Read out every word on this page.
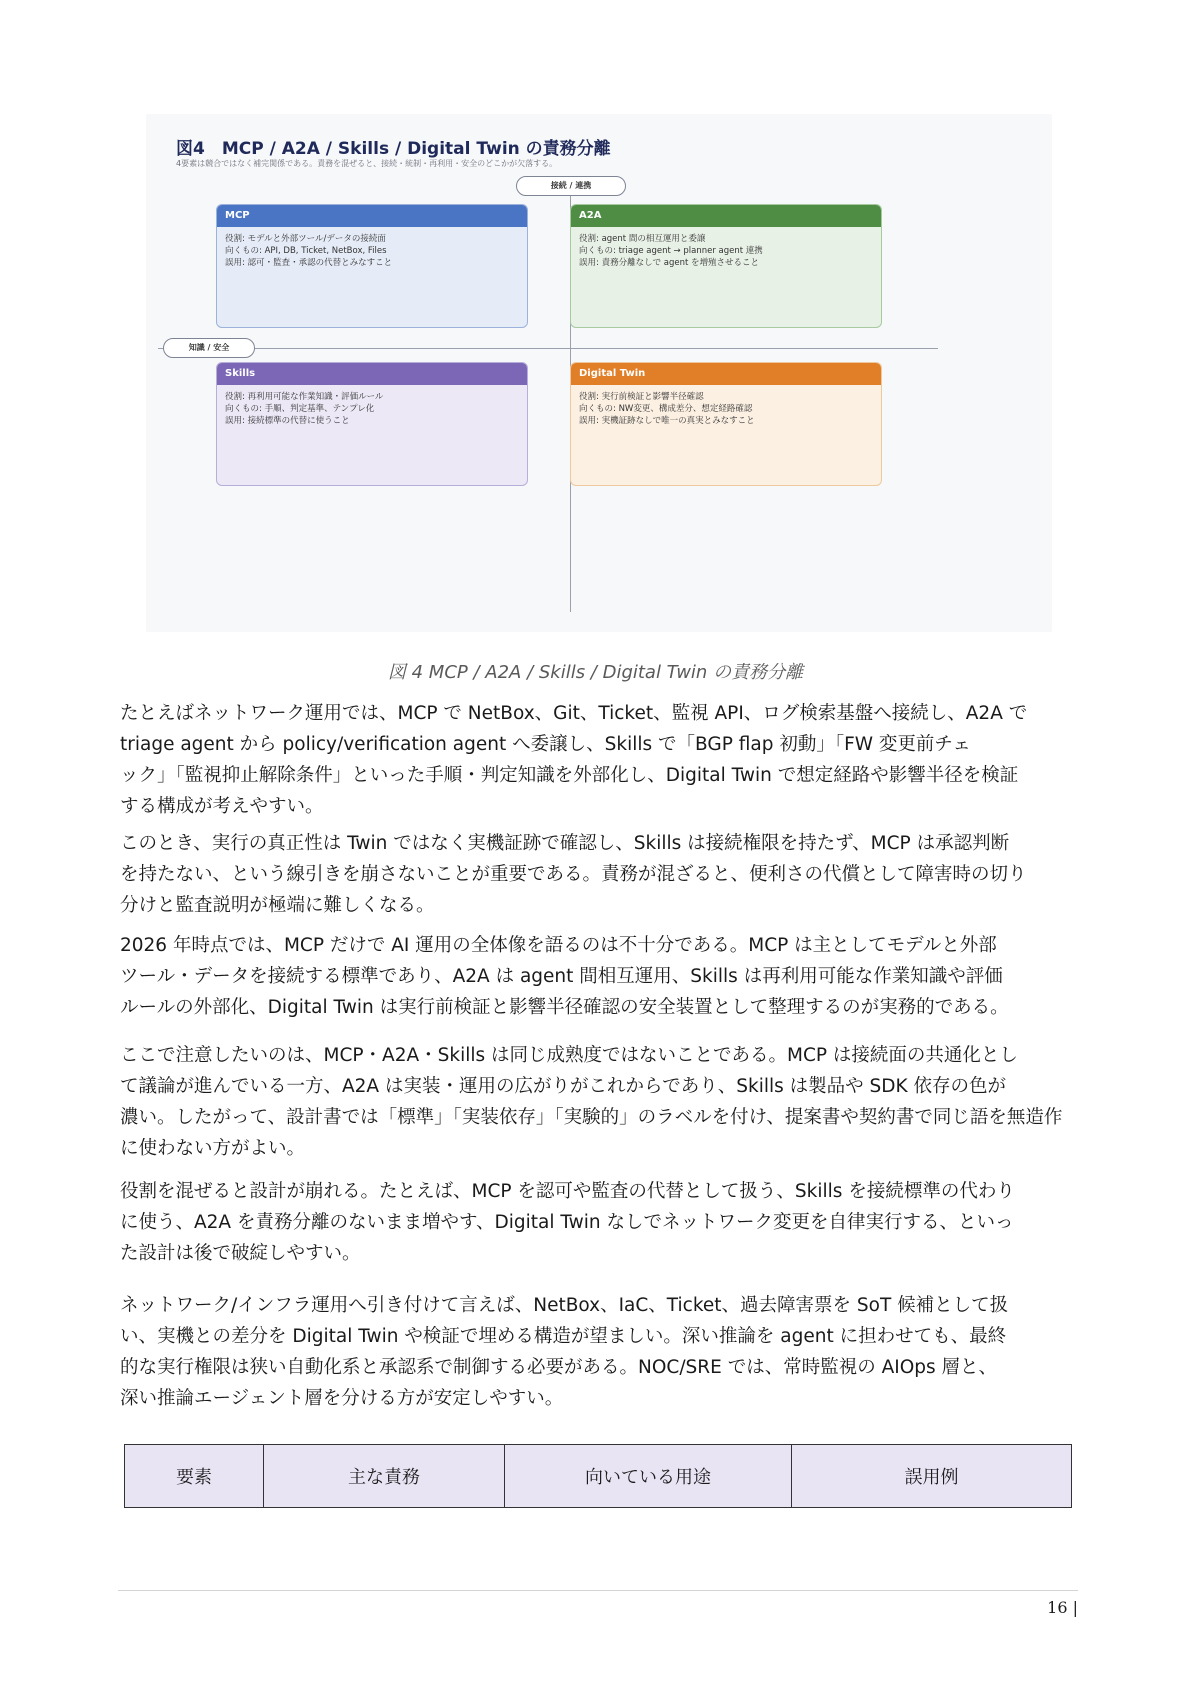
図4　MCP / A2A / Skills / Digital Twin の責務分離
4要素は競合ではなく補完関係である。責務を混ぜると、接続・統制・再利用・安全のどこかが欠落する。
接続 / 連携
知識 / 安全
MCP
役割: モデルと外部ツール/データの接続面
向くもの: API, DB, Ticket, NetBox, Files
誤用: 認可・監査・承認の代替とみなすこと
A2A
役割: agent 間の相互運用と委譲
向くもの: triage agent → planner agent 連携
誤用: 責務分離なしで agent を増殖させること
Skills
役割: 再利用可能な作業知識・評価ルール
向くもの: 手順、判定基準、テンプレ化
誤用: 接続標準の代替に使うこと
Digital Twin
役割: 実行前検証と影響半径確認
向くもの: NW変更、構成差分、想定経路確認
誤用: 実機証跡なしで唯一の真実とみなすこと
図 4 MCP / A2A / Skills / Digital Twin の責務分離
たとえばネットワーク運用では、MCP で NetBox、Git、Ticket、監視 API、ログ検索基盤へ接続し、A2A で
triage agent から policy/verification agent へ委譲し、Skills で「BGP flap 初動」「FW 変更前チェ
ック」「監視抑止解除条件」といった手順・判定知識を外部化し、Digital Twin で想定経路や影響半径を検証
する構成が考えやすい。
このとき、実行の真正性は Twin ではなく実機証跡で確認し、Skills は接続権限を持たず、MCP は承認判断
を持たない、という線引きを崩さないことが重要である。責務が混ざると、便利さの代償として障害時の切り
分けと監査説明が極端に難しくなる。
2026 年時点では、MCP だけで AI 運用の全体像を語るのは不十分である。MCP は主としてモデルと外部
ツール・データを接続する標準であり、A2A は agent 間相互運用、Skills は再利用可能な作業知識や評価
ルールの外部化、Digital Twin は実行前検証と影響半径確認の安全装置として整理するのが実務的である。
ここで注意したいのは、MCP・A2A・Skills は同じ成熟度ではないことである。MCP は接続面の共通化とし
て議論が進んでいる一方、A2A は実装・運用の広がりがこれからであり、Skills は製品や SDK 依存の色が
濃い。したがって、設計書では「標準」「実装依存」「実験的」のラベルを付け、提案書や契約書で同じ語を無造作
に使わない方がよい。
役割を混ぜると設計が崩れる。たとえば、MCP を認可や監査の代替として扱う、Skills を接続標準の代わり
に使う、A2A を責務分離のないまま増やす、Digital Twin なしでネットワーク変更を自律実行する、といっ
た設計は後で破綻しやすい。
ネットワーク/インフラ運用へ引き付けて言えば、NetBox、IaC、Ticket、過去障害票を SoT 候補として扱
い、実機との差分を Digital Twin や検証で埋める構造が望ましい。深い推論を agent に担わせても、最終
的な実行権限は狭い自動化系と承認系で制御する必要がある。NOC/SRE では、常時監視の AIOps 層と、
深い推論エージェント層を分ける方が安定しやすい。
要素	主な責務	向いている用途	誤用例
16 |
